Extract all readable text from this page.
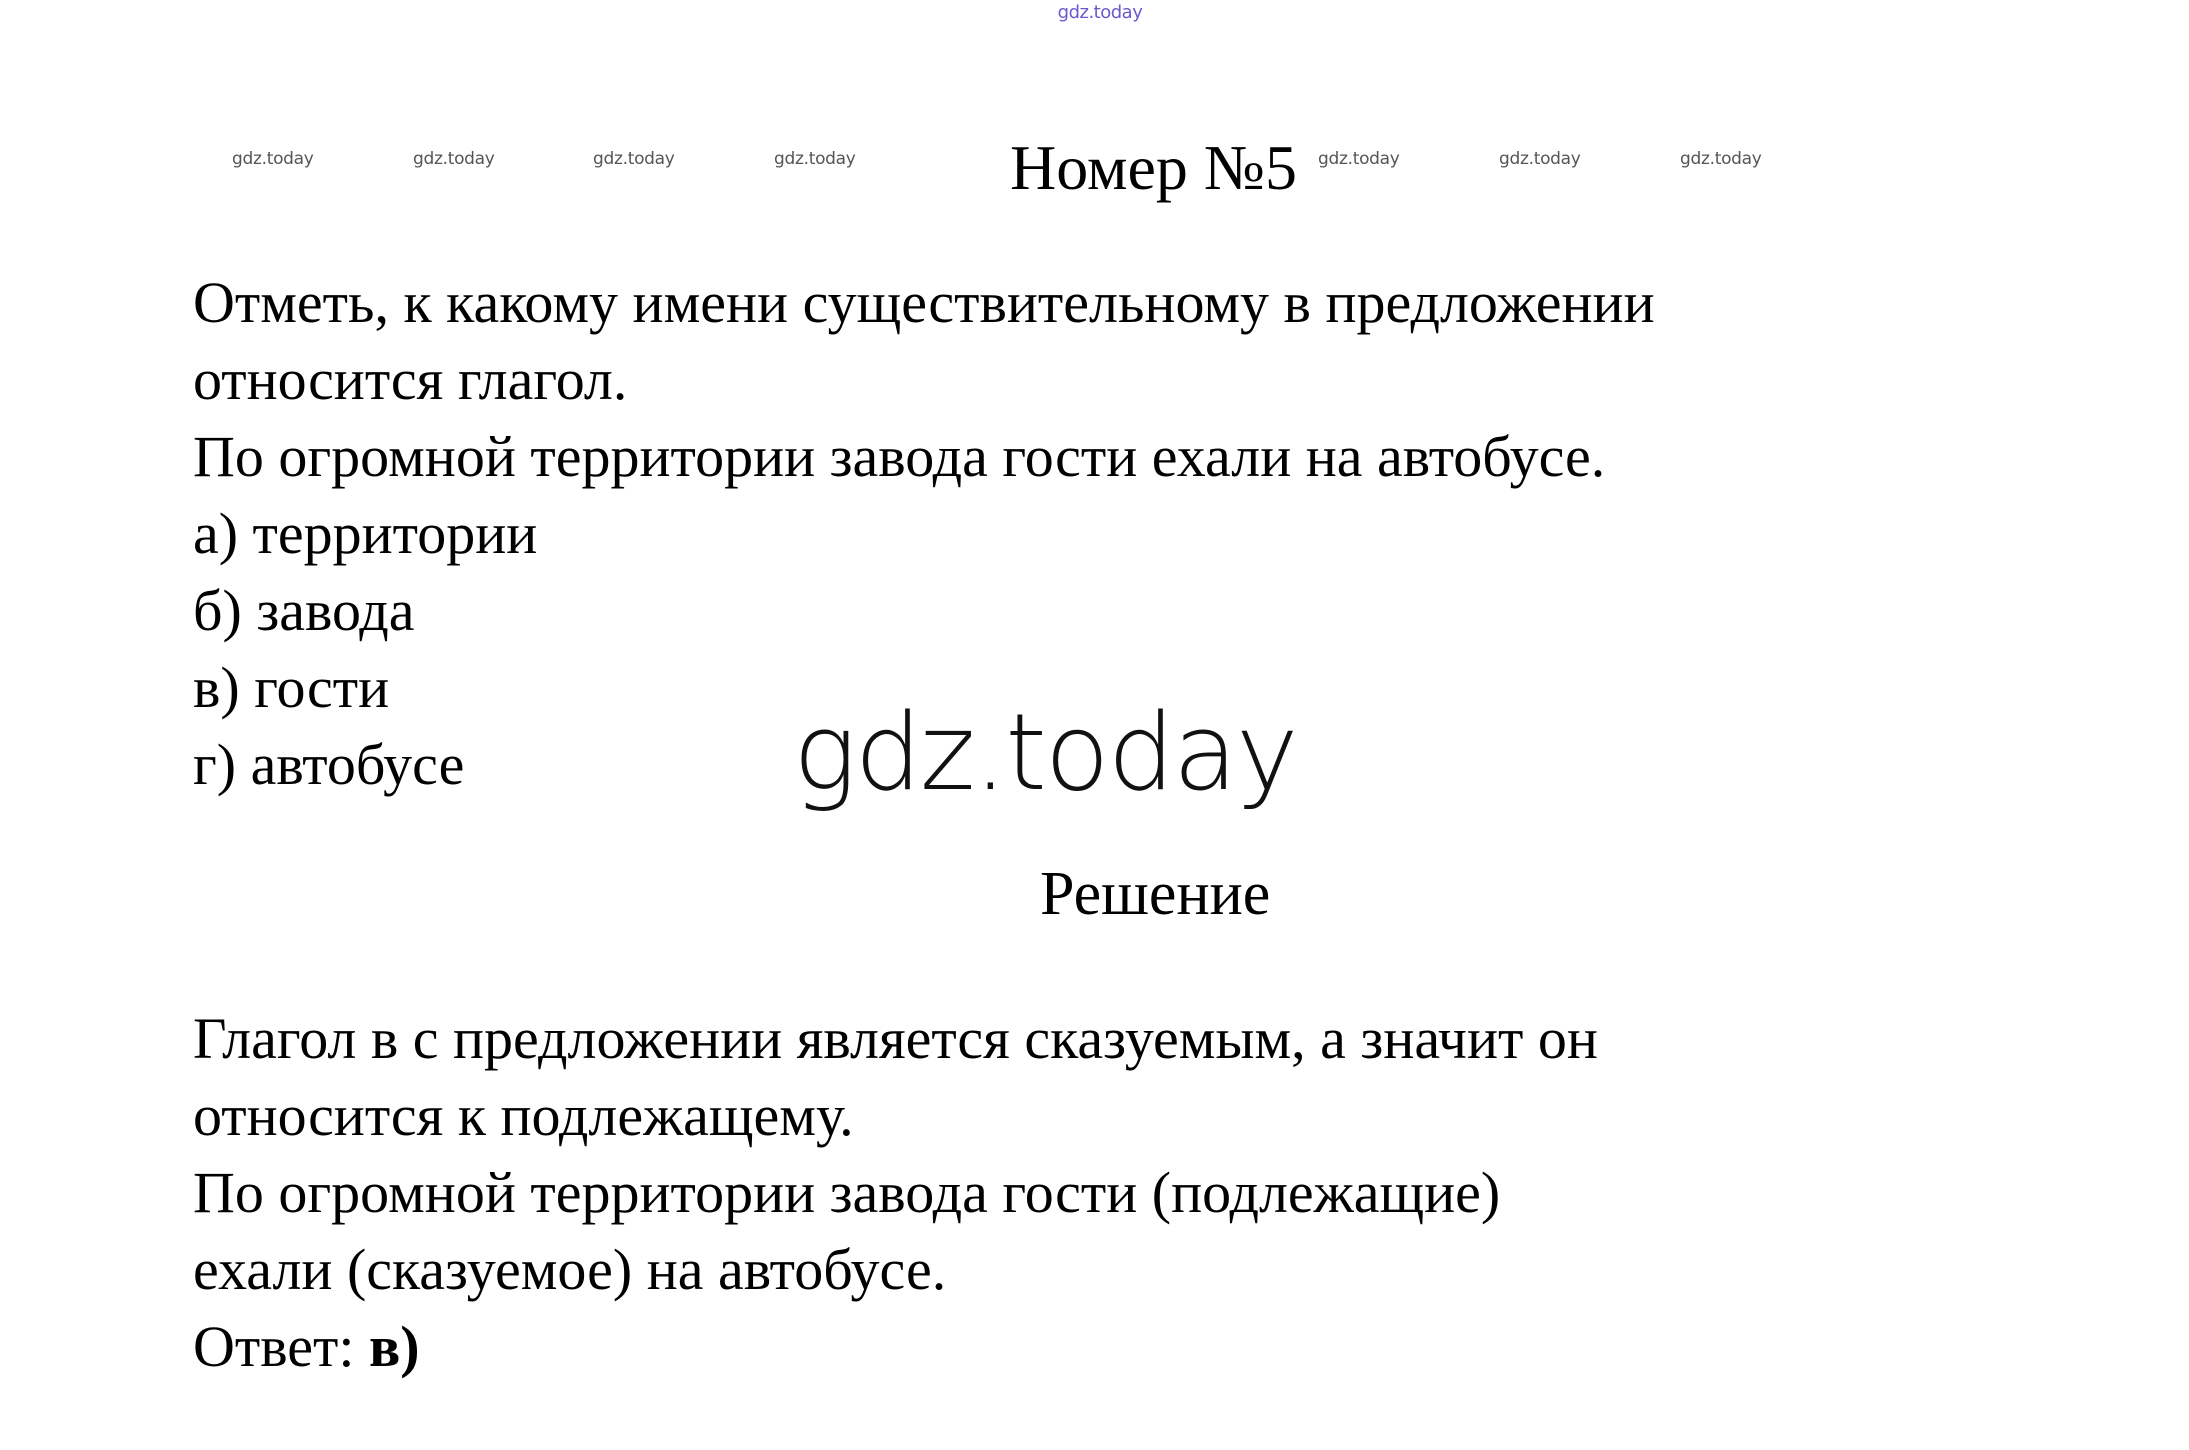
gdz.today
gdz.today	gdz.today	gdz.today	gdz.today	gdz.today	gdz.today	gdz.today
Номер №5
Отметь, к какому имени существительному в предложении
относится глагол.
По огромной территории завода гости ехали на автобусе.
а) территории
б) завода
в) гости
г) автобусе	gdz.today
Решение
Глагол в с предложении является сказуемым, а значит он
относится к подлежащему.
По огромной территории завода гости (подлежащие)
ехали (сказуемое) на автобусе.
Ответ: в)
